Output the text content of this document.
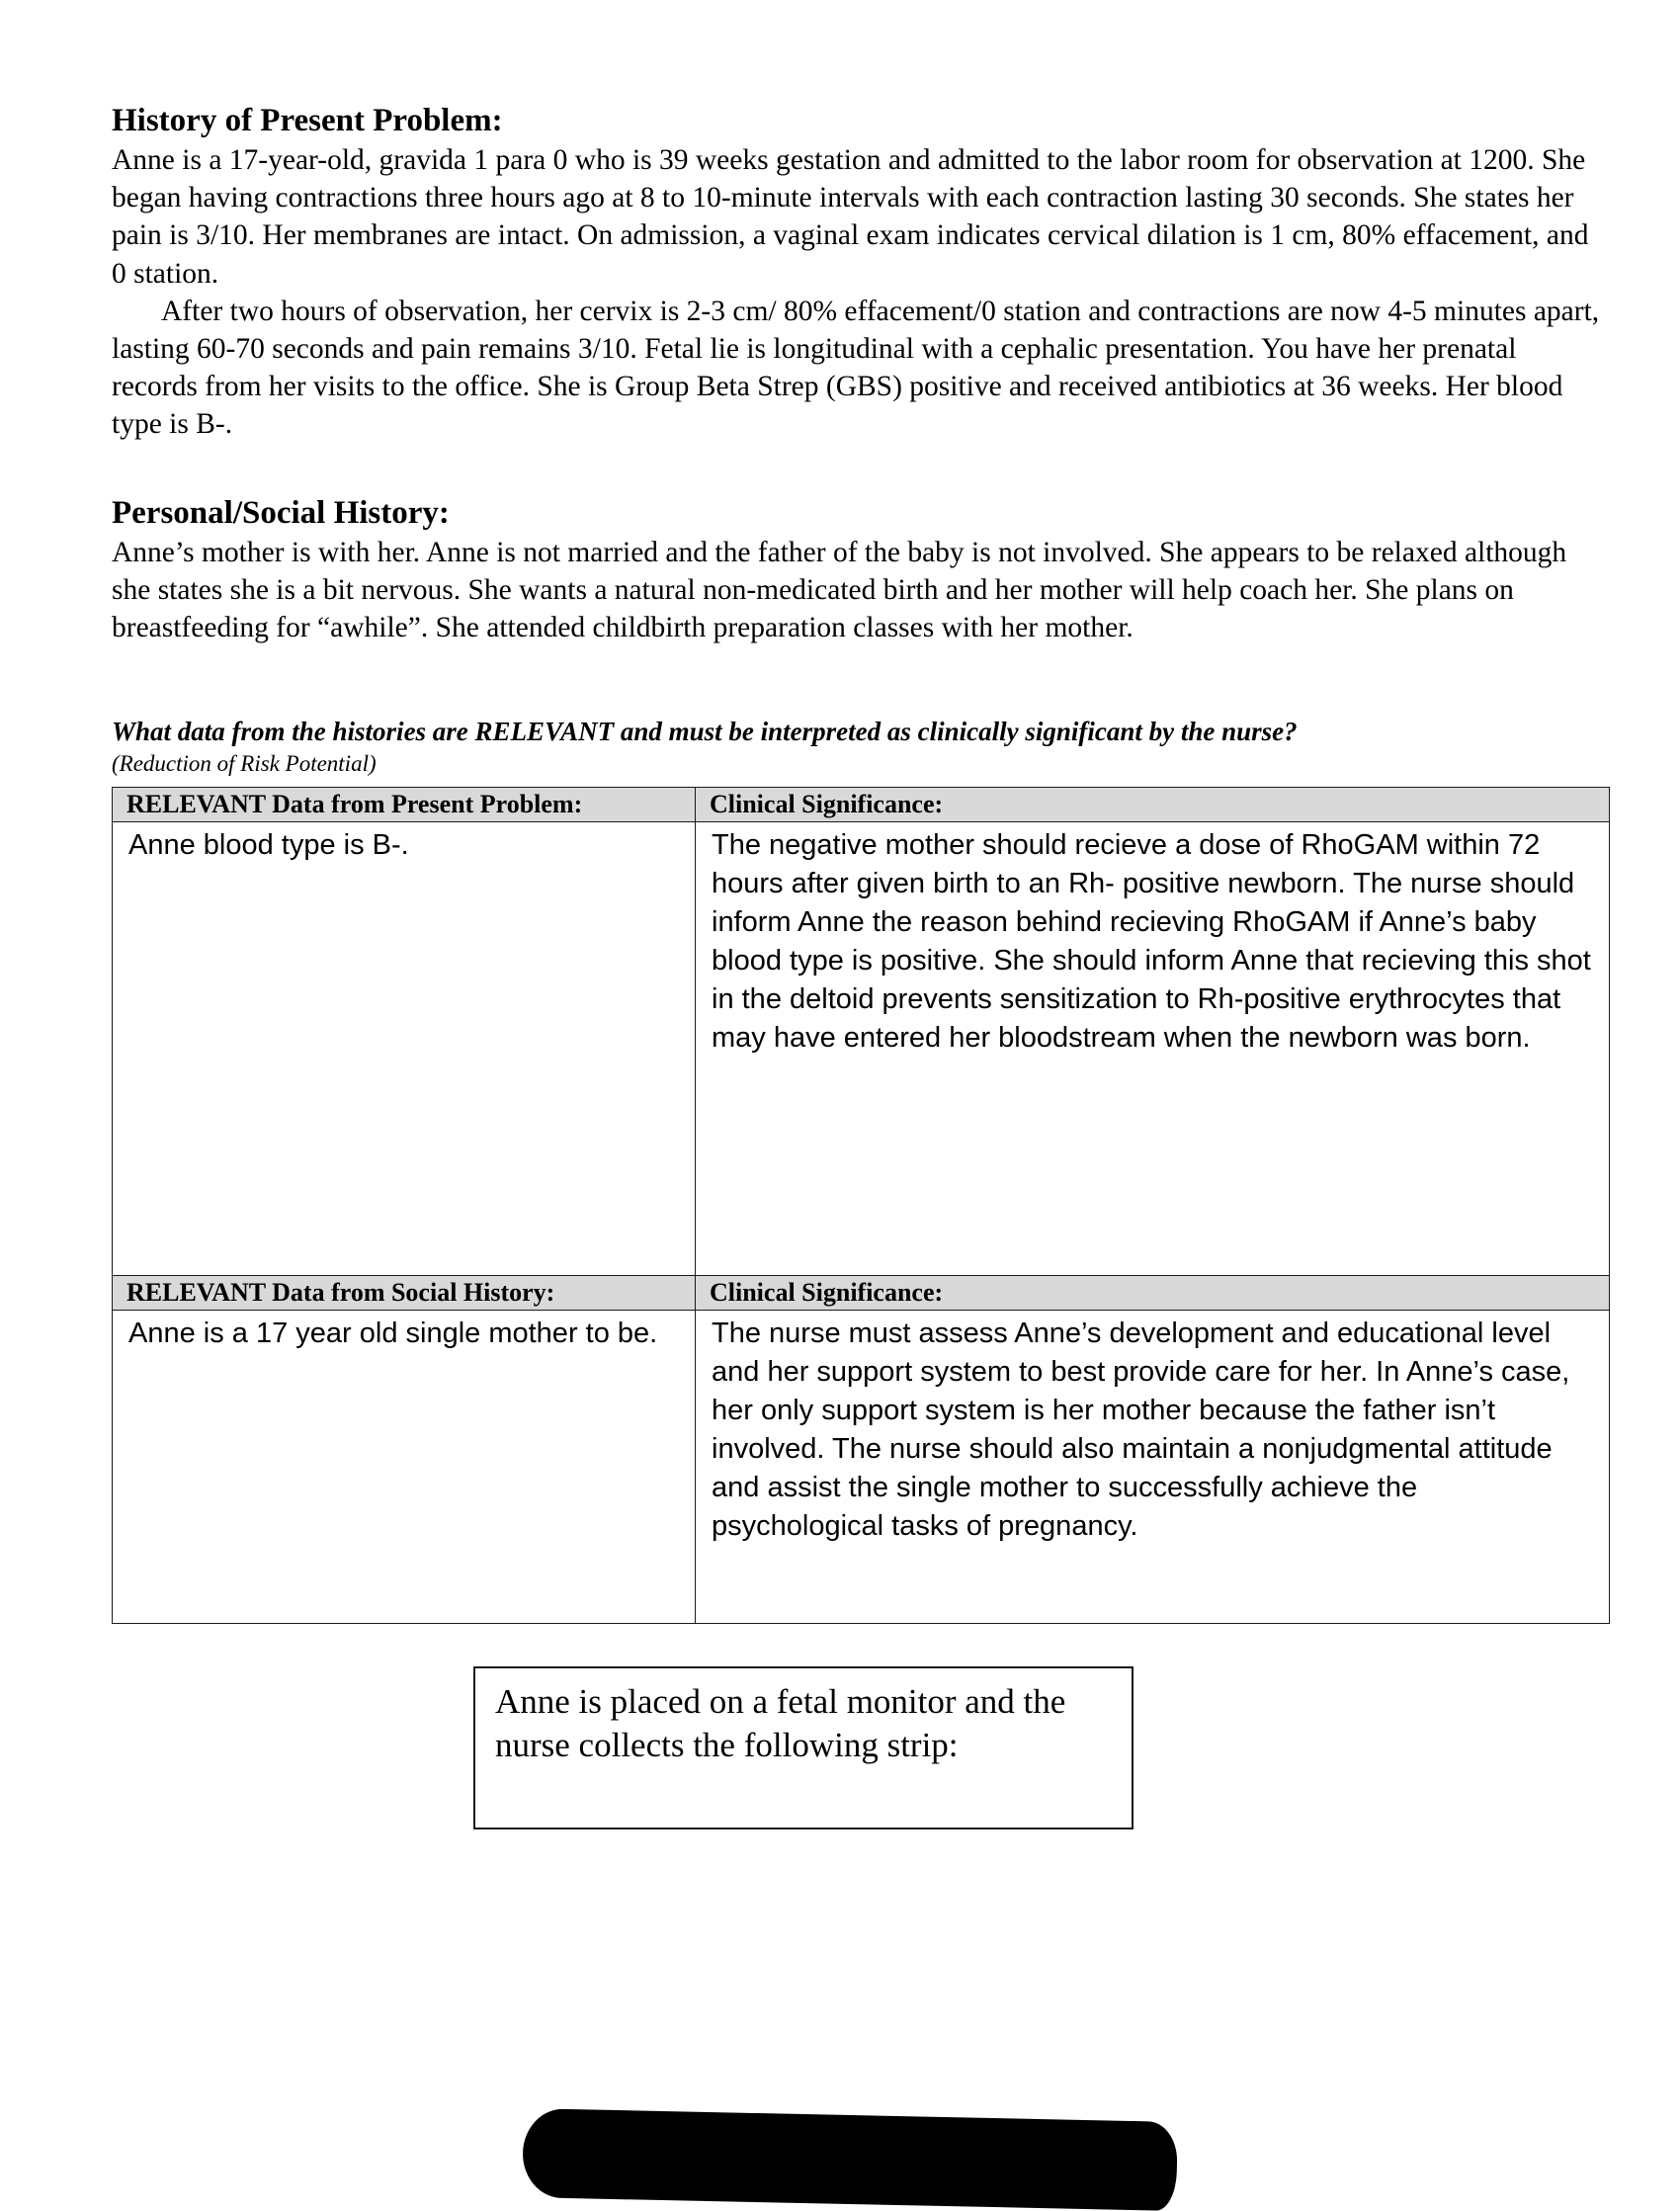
History of Present Problem:

Anne is a 17-year-old, gravida 1 para 0 who is 39 weeks gestation and admitted to the labor room for observation at 1200. She began having contractions three hours ago at 8 to 10-minute intervals with each contraction lasting 30 seconds. She states her pain is 3/10. Her membranes are intact. On admission, a vaginal exam indicates cervical dilation is 1 cm, 80% effacement, and 0 station.

After two hours of observation, her cervix is 2-3 cm/ 80% effacement/0 station and contractions are now 4-5 minutes apart, lasting 60-70 seconds and pain remains 3/10. Fetal lie is longitudinal with a cephalic presentation. You have her prenatal records from her visits to the office. She is Group Beta Strep (GBS) positive and received antibiotics at 36 weeks. Her blood type is B-.

Personal/Social History:

Anne’s mother is with her. Anne is not married and the father of the baby is not involved. She appears to be relaxed although she states she is a bit nervous. She wants a natural non-medicated birth and her mother will help coach her. She plans on breastfeeding for “awhile”. She attended childbirth preparation classes with her mother.

What data from the histories are RELEVANT and must be interpreted as clinically significant by the nurse?

(Reduction of Risk Potential)

RELEVANT Data from Present Problem:	Clinical Significance:

Anne blood type is B-.	The negative mother should recieve a dose of RhoGAM within 72 hours after given birth to an Rh- positive newborn. The nurse should inform Anne the reason behind recieving RhoGAM if Anne’s baby blood type is positive. She should inform Anne that recieving this shot in the deltoid prevents sensitization to Rh-positive erythrocytes that may have entered her bloodstream when the newborn was born.

RELEVANT Data from Social History:	Clinical Significance:

Anne is a 17 year old single mother to be.	The nurse must assess Anne’s development and educational level and her support system to best provide care for her. In Anne’s case, her only support system is her mother because the father isn’t involved. The nurse should also maintain a nonjudgmental attitude and assist the single mother to successfully achieve the psychological tasks of pregnancy.
Anne is placed on a fetal monitor and the nurse collects the following strip:
